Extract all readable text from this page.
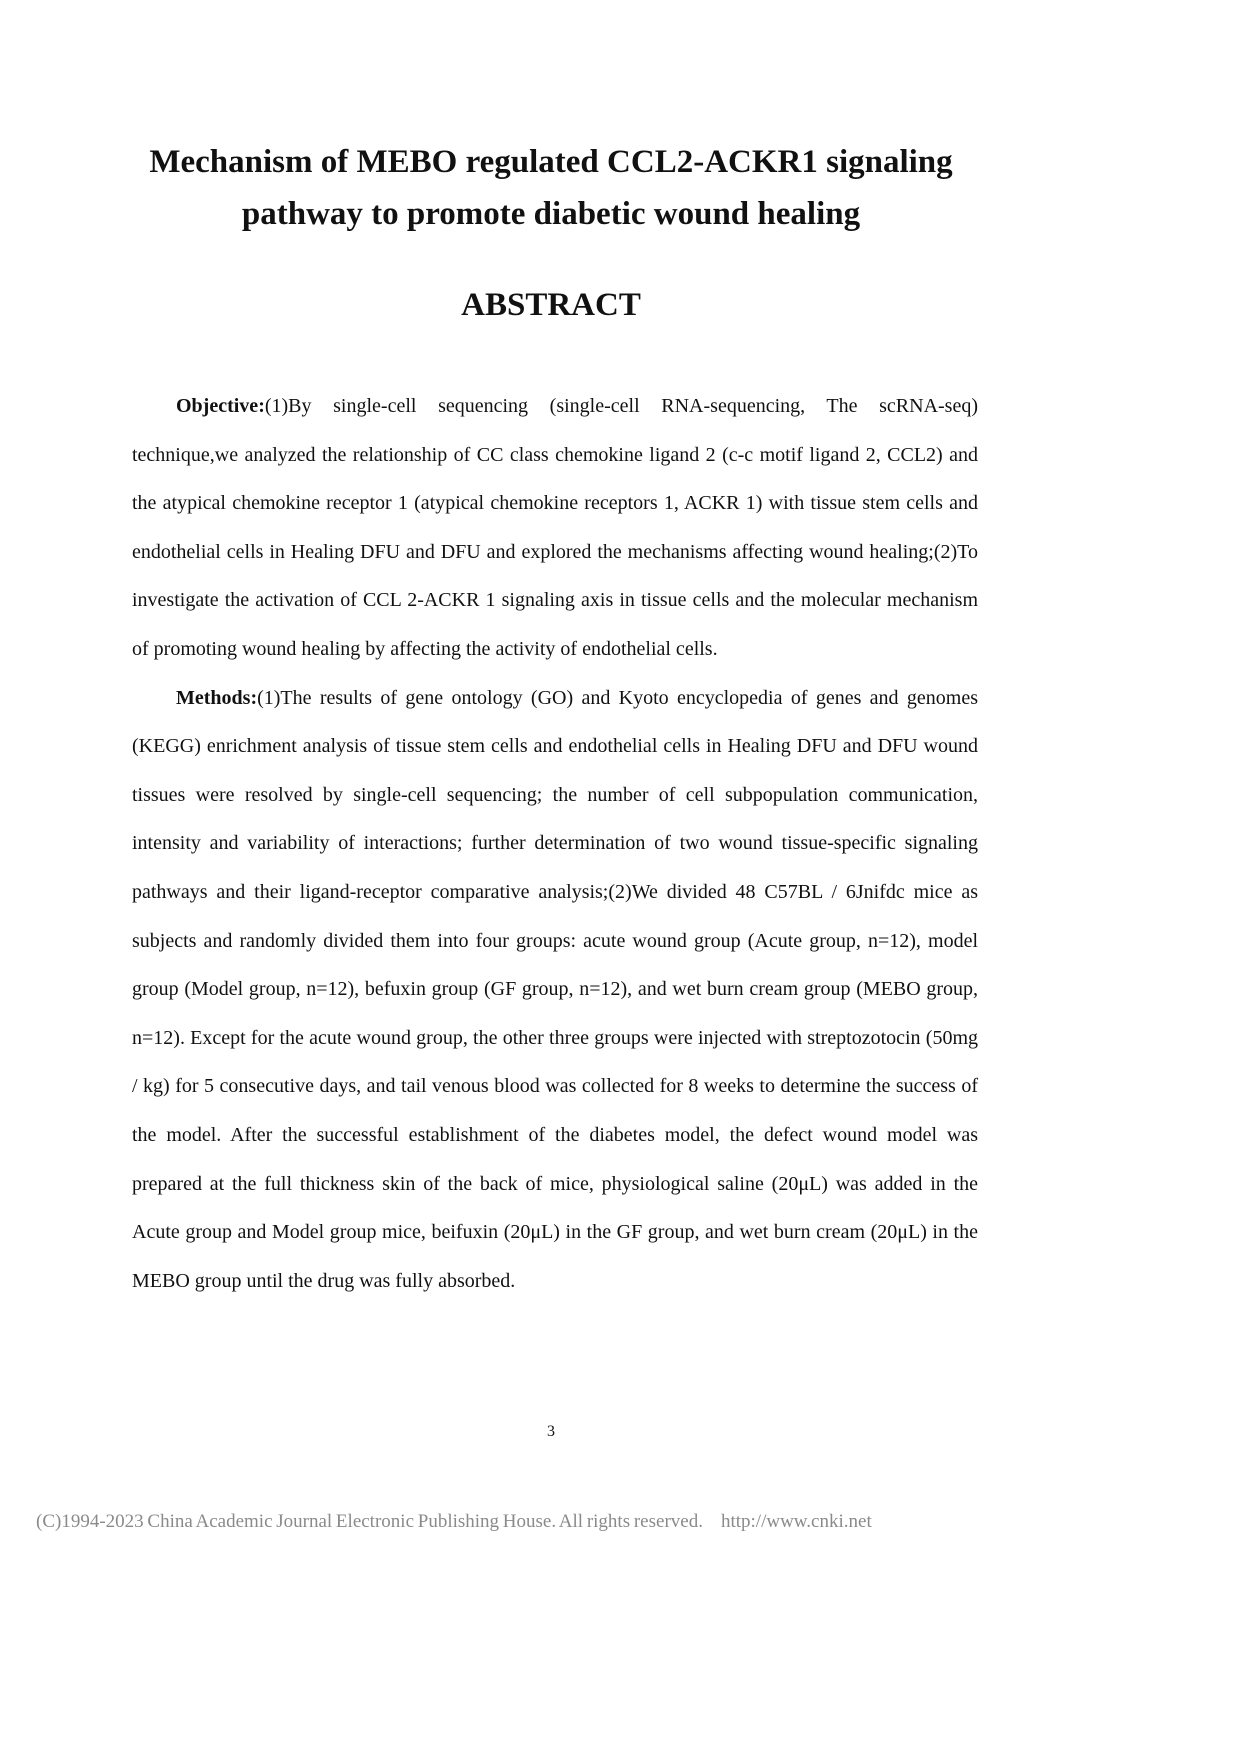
Mechanism of MEBO regulated CCL2-ACKR1 signaling
pathway to promote diabetic wound healing
ABSTRACT

Objective:(1)By single-cell sequencing (single-cell RNA-sequencing, The scRNA-seq) technique,we analyzed the relationship of CC class chemokine ligand 2 (c-c motif ligand 2, CCL2) and the atypical chemokine receptor 1 (atypical chemokine receptors 1, ACKR 1) with tissue stem cells and endothelial cells in Healing DFU and DFU and explored the mechanisms affecting wound healing;(2)To investigate the activation of CCL 2-ACKR 1 signaling axis in tissue cells and the molecular mechanism of promoting wound healing by affecting the activity of endothelial cells.

Methods:(1)The results of gene ontology (GO) and Kyoto encyclopedia of genes and genomes (KEGG) enrichment analysis of tissue stem cells and endothelial cells in Healing DFU and DFU wound tissues were resolved by single-cell sequencing; the number of cell subpopulation communication, intensity and variability of interactions; further determination of two wound tissue-specific signaling pathways and their ligand-receptor comparative analysis;(2)We divided 48 C57BL / 6Jnifdc mice as subjects and randomly divided them into four groups: acute wound group (Acute group, n=12), model group (Model group, n=12), befuxin group (GF group, n=12), and wet burn cream group (MEBO group, n=12). Except for the acute wound group, the other three groups were injected with streptozotocin (50mg / kg) for 5 consecutive days, and tail venous blood was collected for 8 weeks to determine the success of the model. After the successful establishment of the diabetes model, the defect wound model was prepared at the full thickness skin of the back of mice, physiological saline (20μL) was added in the Acute group and Model group mice, beifuxin (20μL) in the GF group, and wet burn cream (20μL) in the MEBO group until the drug was fully absorbed.

3
(C)1994-2023 China Academic Journal Electronic Publishing House. All rights reserved. http://www.cnki.net
